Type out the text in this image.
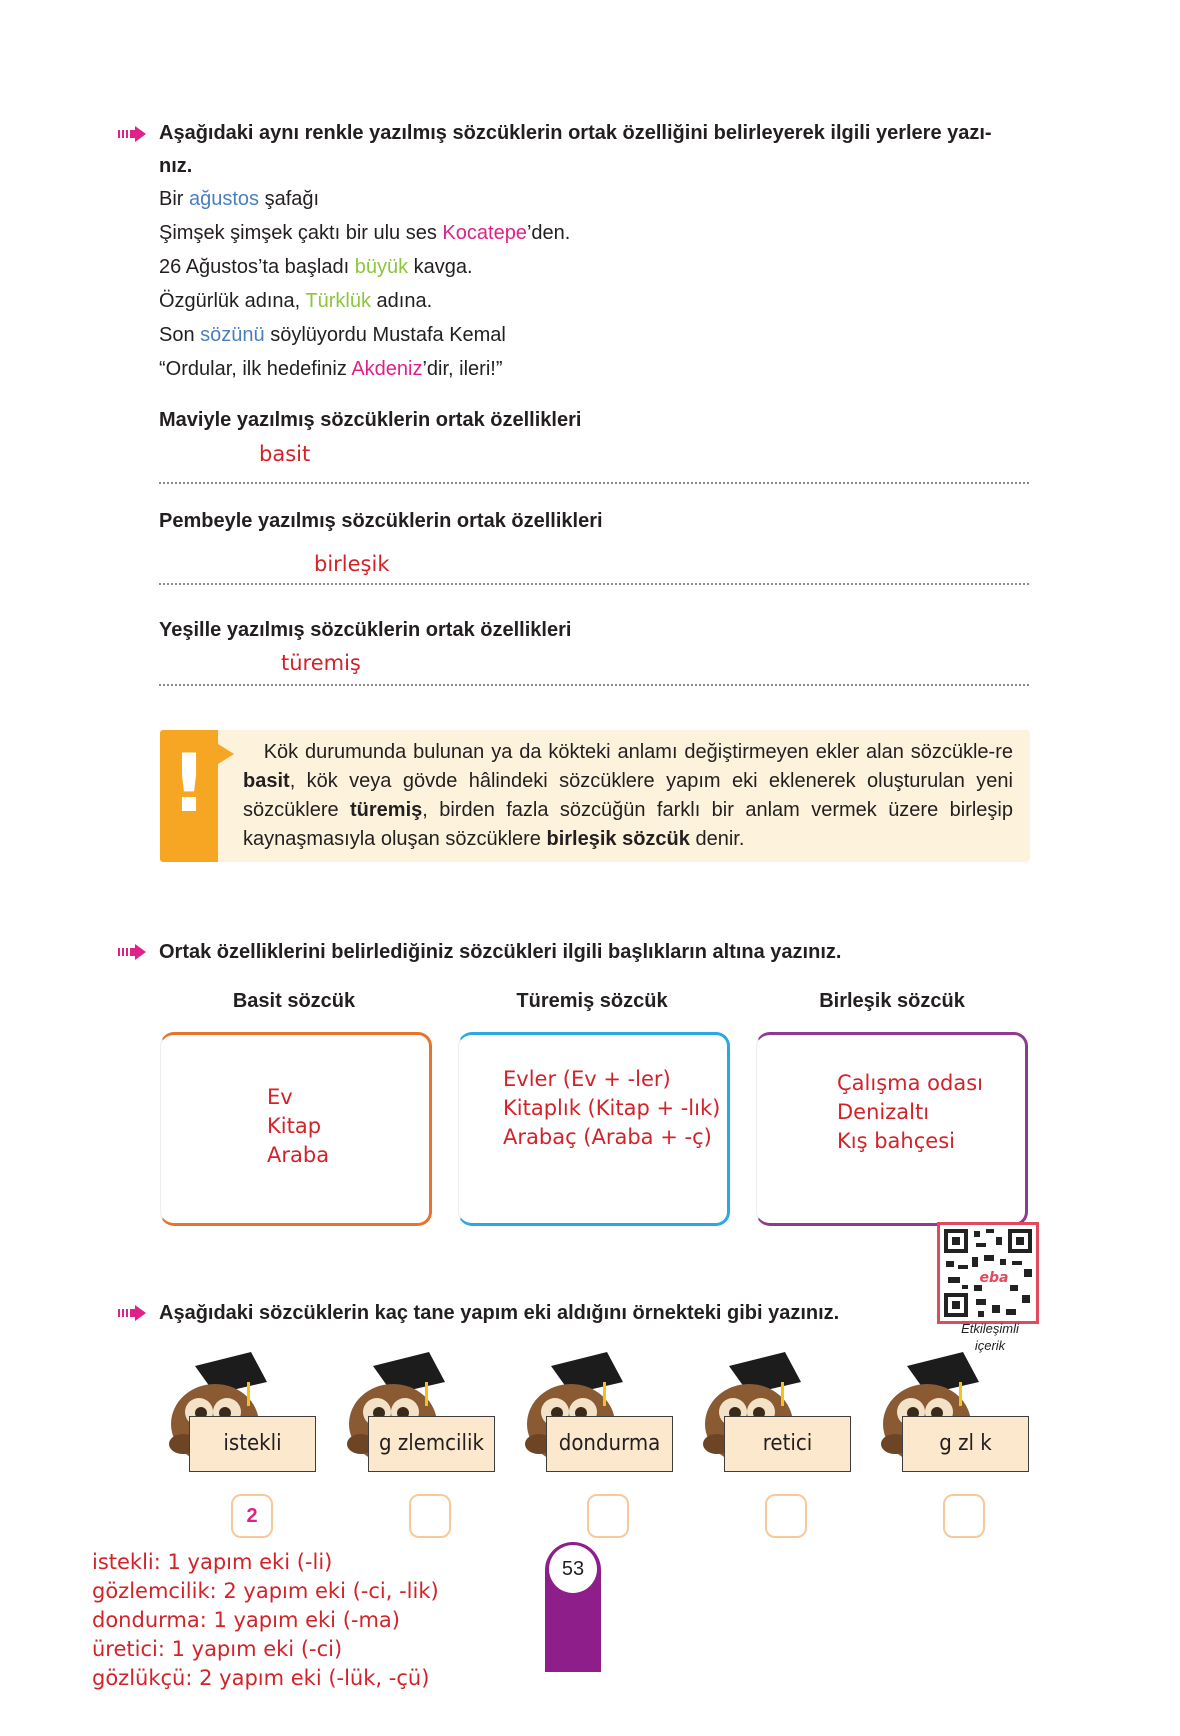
Aşağıdaki aynı renkle yazılmış sözcüklerin ortak özelliğini belirleyerek ilgili yerlere yazı-
nız.
Bir ağustos şafağı
Şimşek şimşek çaktı bir ulu ses Kocatepe’den.
26 Ağustos’ta başladı büyük kavga.
Özgürlük adına, Türklük adına.
Son sözünü söylüyordu Mustafa Kemal
“Ordular, ilk hedefiniz Akdeniz’dir, ileri!”
Maviyle yazılmış sözcüklerin ortak özellikleri
basit
Pembeyle yazılmış sözcüklerin ortak özellikleri
birleşik
Yeşille yazılmış sözcüklerin ortak özellikleri
türemiş
!	Kök durumunda bulunan ya da kökteki anlamı değiştirmeyen ekler alan sözcükle-re basit, kök veya gövde hâlindeki sözcüklere yapım eki eklenerek oluşturulan yeni sözcüklere türemiş, birden fazla sözcüğün farklı bir anlam vermek üzere birleşip kaynaşmasıyla oluşan sözcüklere birleşik sözcük denir.
Ortak özelliklerini belirlediğiniz sözcükleri ilgili başlıkların altına yazınız.
Basit sözcük	Türemiş sözcük	Birleşik sözcük
Ev
Kitap
Araba
Evler (Ev + -ler)
Kitaplık (Kitap + -lık)
Arabaç (Araba + -ç)
Çalışma odası
Denizaltı
Kış bahçesi
eba
Etkileşimli
içerik
Aşağıdaki sözcüklerin kaç tane yapım eki aldığını örnekteki gibi yazınız.
istekli	g zlemcilik	dondurma	retici	g zl k
2
53
istekli: 1 yapım eki (-li)
gözlemcilik: 2 yapım eki (-ci, -lik)
dondurma: 1 yapım eki (-ma)
üretici: 1 yapım eki (-ci)
gözlükçü: 2 yapım eki (-lük, -çü)
